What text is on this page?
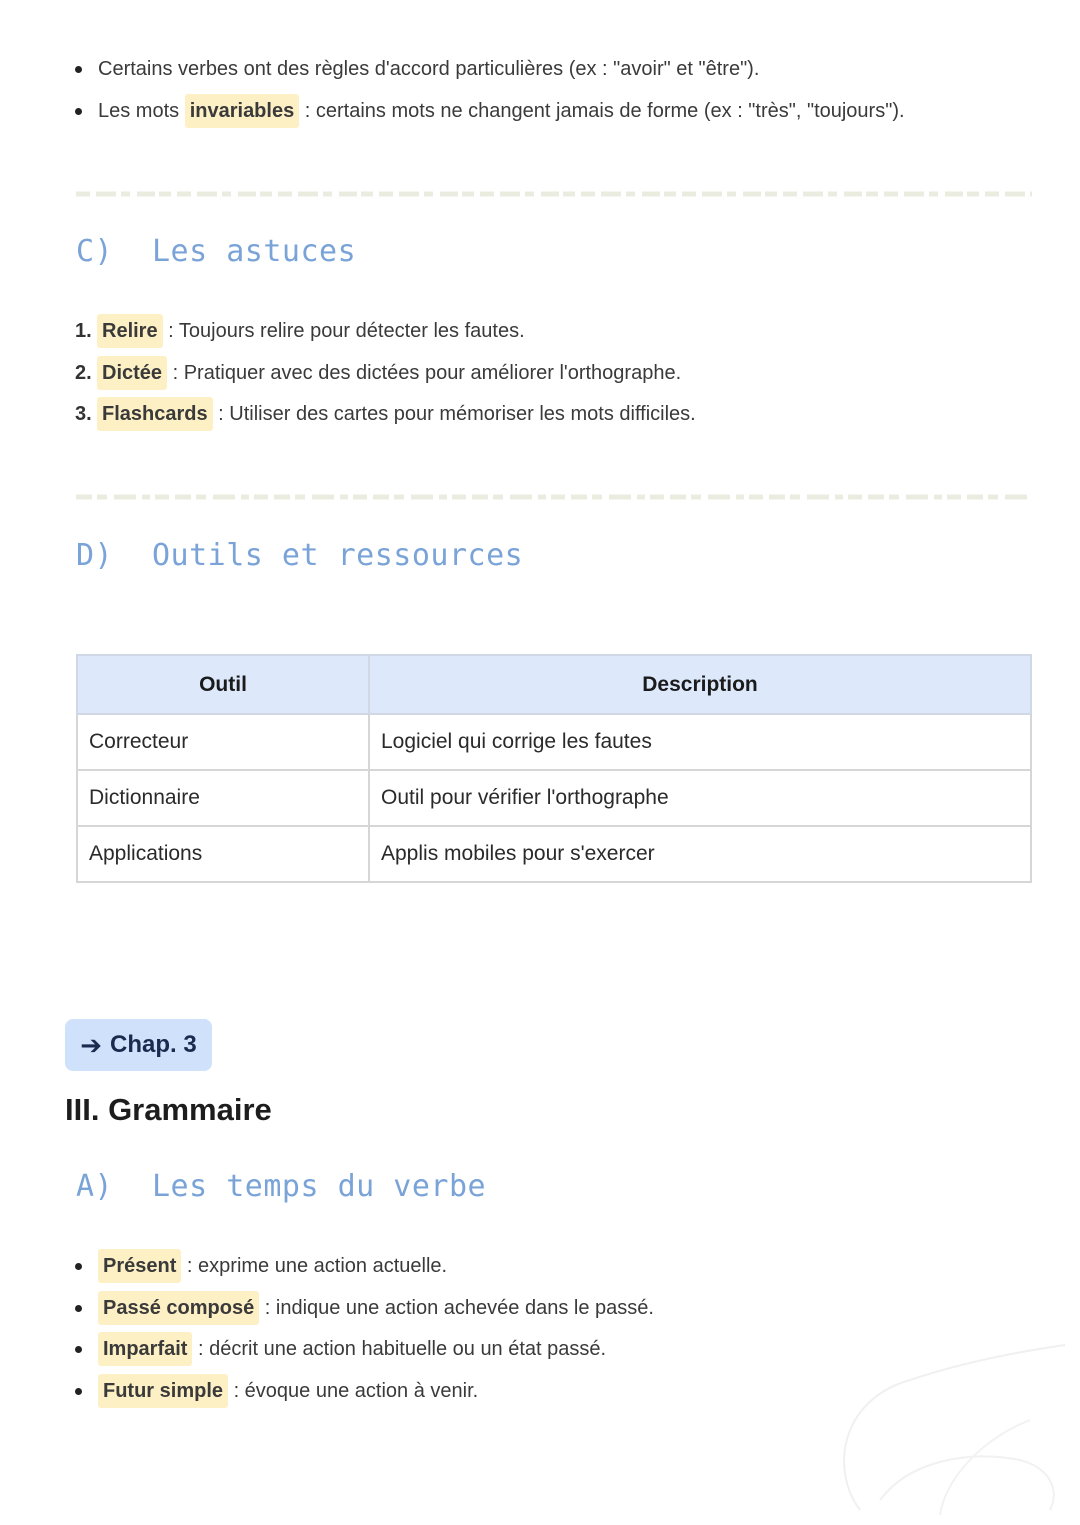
Certains verbes ont des règles d'accord particulières (ex : "avoir" et "être").
Les mots invariables : certains mots ne changent jamais de forme (ex : "très", "toujours").
C) Les astuces
1. Relire : Toujours relire pour détecter les fautes.
2. Dictée : Pratiquer avec des dictées pour améliorer l'orthographe.
3. Flashcards : Utiliser des cartes pour mémoriser les mots difficiles.
D) Outils et ressources
Outil	Description
Correcteur	Logiciel qui corrige les fautes
Dictionnaire	Outil pour vérifier l'orthographe
Applications	Applis mobiles pour s'exercer
➔ Chap. 3
III. Grammaire
A) Les temps du verbe
Présent : exprime une action actuelle.
Passé composé : indique une action achevée dans le passé.
Imparfait : décrit une action habituelle ou un état passé.
Futur simple : évoque une action à venir.
